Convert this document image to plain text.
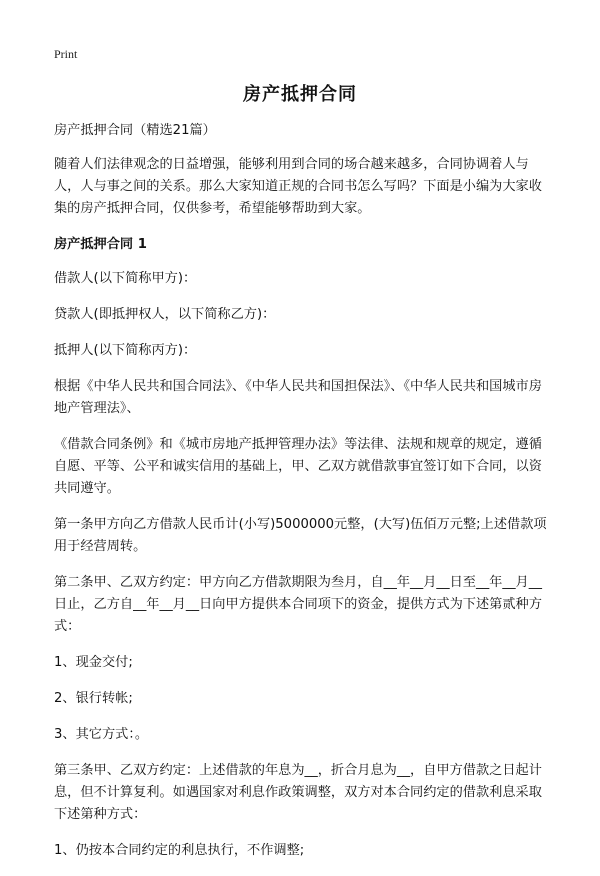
Print
房产抵押合同

房产抵押合同（精选21篇）

随着人们法律观念的日益增强，能够利用到合同的场合越来越多，合同协调着人与人，人与事之间的关系。那么大家知道正规的合同书怎么写吗？下面是小编为大家收集的房产抵押合同，仅供参考，希望能够帮助到大家。

房产抵押合同 1

借款人(以下简称甲方)：

贷款人(即抵押权人，以下简称乙方)：

抵押人(以下简称丙方)：

根据《中华人民共和国合同法》、《中华人民共和国担保法》、《中华人民共和国城市房地产管理法》、

《借款合同条例》和《城市房地产抵押管理办法》等法律、法规和规章的规定，遵循自愿、平等、公平和诚实信用的基础上，甲、乙双方就借款事宜签订如下合同，以资共同遵守。

第一条甲方向乙方借款人民币计(小写)5000000元整，(大写)伍佰万元整;上述借款项用于经营周转。

第二条甲、乙双方约定：甲方向乙方借款期限为叁月，自__年__月__日至__年__月__日止，乙方自__年__月__日向甲方提供本合同项下的资金，提供方式为下述第贰种方式：

1、现金交付;

2、银行转帐;

3、其它方式：。

第三条甲、乙双方约定：上述借款的年息为__，折合月息为__，自甲方借款之日起计息，但不计算复利。如遇国家对利息作政策调整，双方对本合同约定的借款利息采取下述第种方式：

1、仍按本合同约定的利息执行，不作调整;
